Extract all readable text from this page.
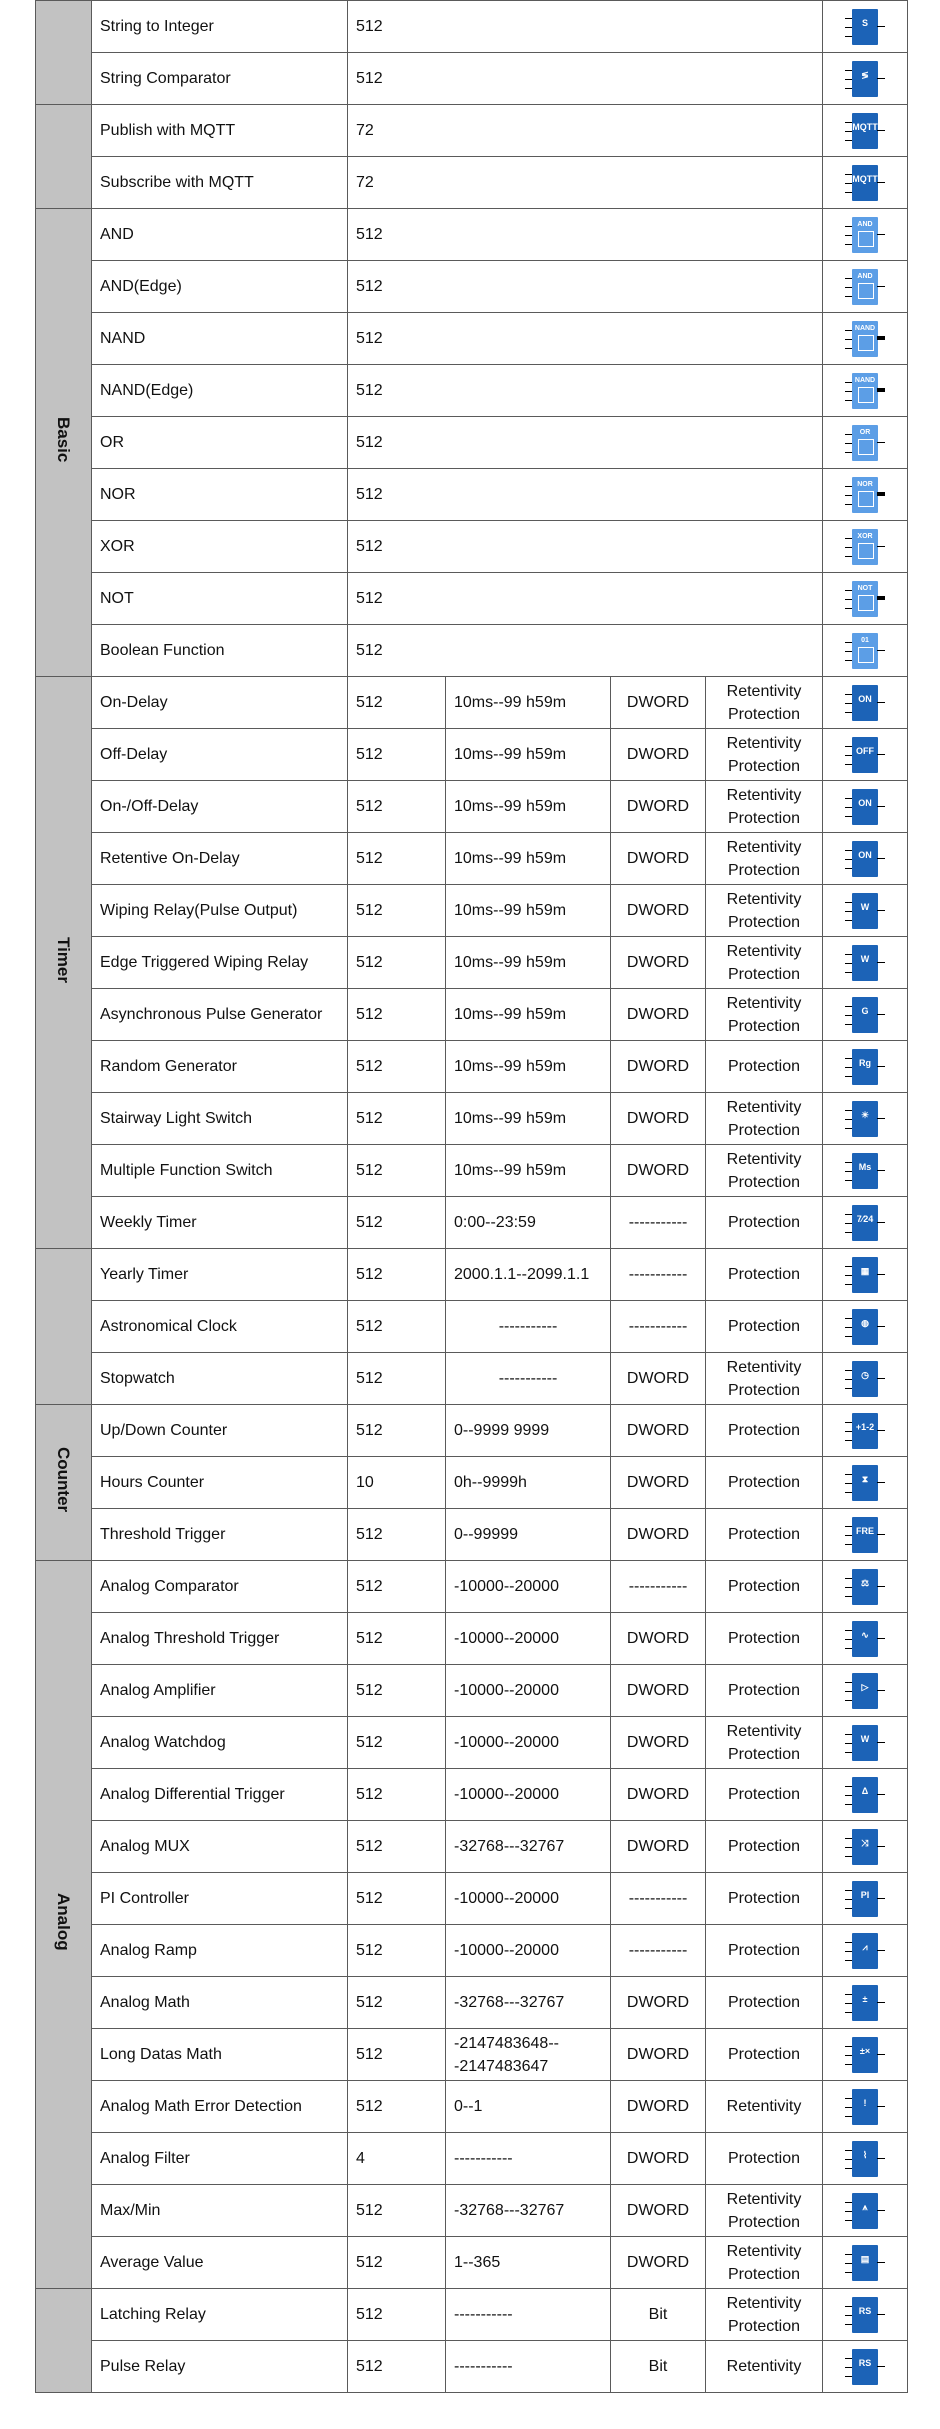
	String to Integer	512				S

	String Comparator	512				≶

	Publish with MQTT	72				MQTT

	Subscribe with MQTT	72				MQTT

Basic	AND	512				AND

	AND(Edge)	512				AND

	NAND	512				NAND

	NAND(Edge)	512				NAND

	OR	512				OR

	NOR	512				NOR

	XOR	512				XOR

	NOT	512				NOT

	Boolean Function	512				01

Timer	On-Delay	512	10ms--99 h59m	DWORD	Retentivity Protection	ON

	Off-Delay	512	10ms--99 h59m	DWORD	Retentivity Protection	OFF

	On-/Off-Delay	512	10ms--99 h59m	DWORD	Retentivity Protection	ON

	Retentive On-Delay	512	10ms--99 h59m	DWORD	Retentivity Protection	ON

	Wiping Relay(Pulse Output)	512	10ms--99 h59m	DWORD	Retentivity Protection	W

	Edge Triggered Wiping Relay	512	10ms--99 h59m	DWORD	Retentivity Protection	W

	Asynchronous Pulse Generator	512	10ms--99 h59m	DWORD	Retentivity Protection	G

	Random Generator	512	10ms--99 h59m	DWORD	Protection	Rg

	Stairway Light Switch	512	10ms--99 h59m	DWORD	Retentivity Protection	☀

	Multiple Function Switch	512	10ms--99 h59m	DWORD	Retentivity Protection	Ms

	Weekly Timer	512	0:00--23:59	-----------	Protection	7⁄24

	Yearly Timer	512	2000.1.1--2099.1.1	-----------	Protection	▦

	Astronomical Clock	512	-----------	-----------	Protection	◍

	Stopwatch	512	-----------	DWORD	Retentivity Protection	◷

Counter	Up/Down Counter	512	0--9999 9999	DWORD	Protection	+1-2

	Hours Counter	10	0h--9999h	DWORD	Protection	⧗

	Threshold Trigger	512	0--99999	DWORD	Protection	FRE

Analog	Analog Comparator	512	-10000--20000	-----------	Protection	⚖

	Analog Threshold Trigger	512	-10000--20000	DWORD	Protection	∿

	Analog Amplifier	512	-10000--20000	DWORD	Protection	▷

	Analog Watchdog	512	-10000--20000	DWORD	Retentivity Protection	W

	Analog Differential Trigger	512	-10000--20000	DWORD	Protection	Δ

	Analog MUX	512	-32768---32767	DWORD	Protection	⤨

	PI Controller	512	-10000--20000	-----------	Protection	PI

	Analog Ramp	512	-10000--20000	-----------	Protection	⩘

	Analog Math	512	-32768---32767	DWORD	Protection	±

	Long Datas Math	512	-2147483648---2147483647	DWORD	Protection	±×

	Analog Math Error Detection	512	0--1	DWORD	Retentivity	!

	Analog Filter	4	-----------	DWORD	Protection	⌇

	Max/Min	512	-32768---32767	DWORD	Retentivity Protection	⩚

	Average Value	512	1--365	DWORD	Retentivity Protection	▤

	Latching Relay	512	-----------	Bit	Retentivity Protection	RS

	Pulse Relay	512	-----------	Bit	Retentivity	RS
